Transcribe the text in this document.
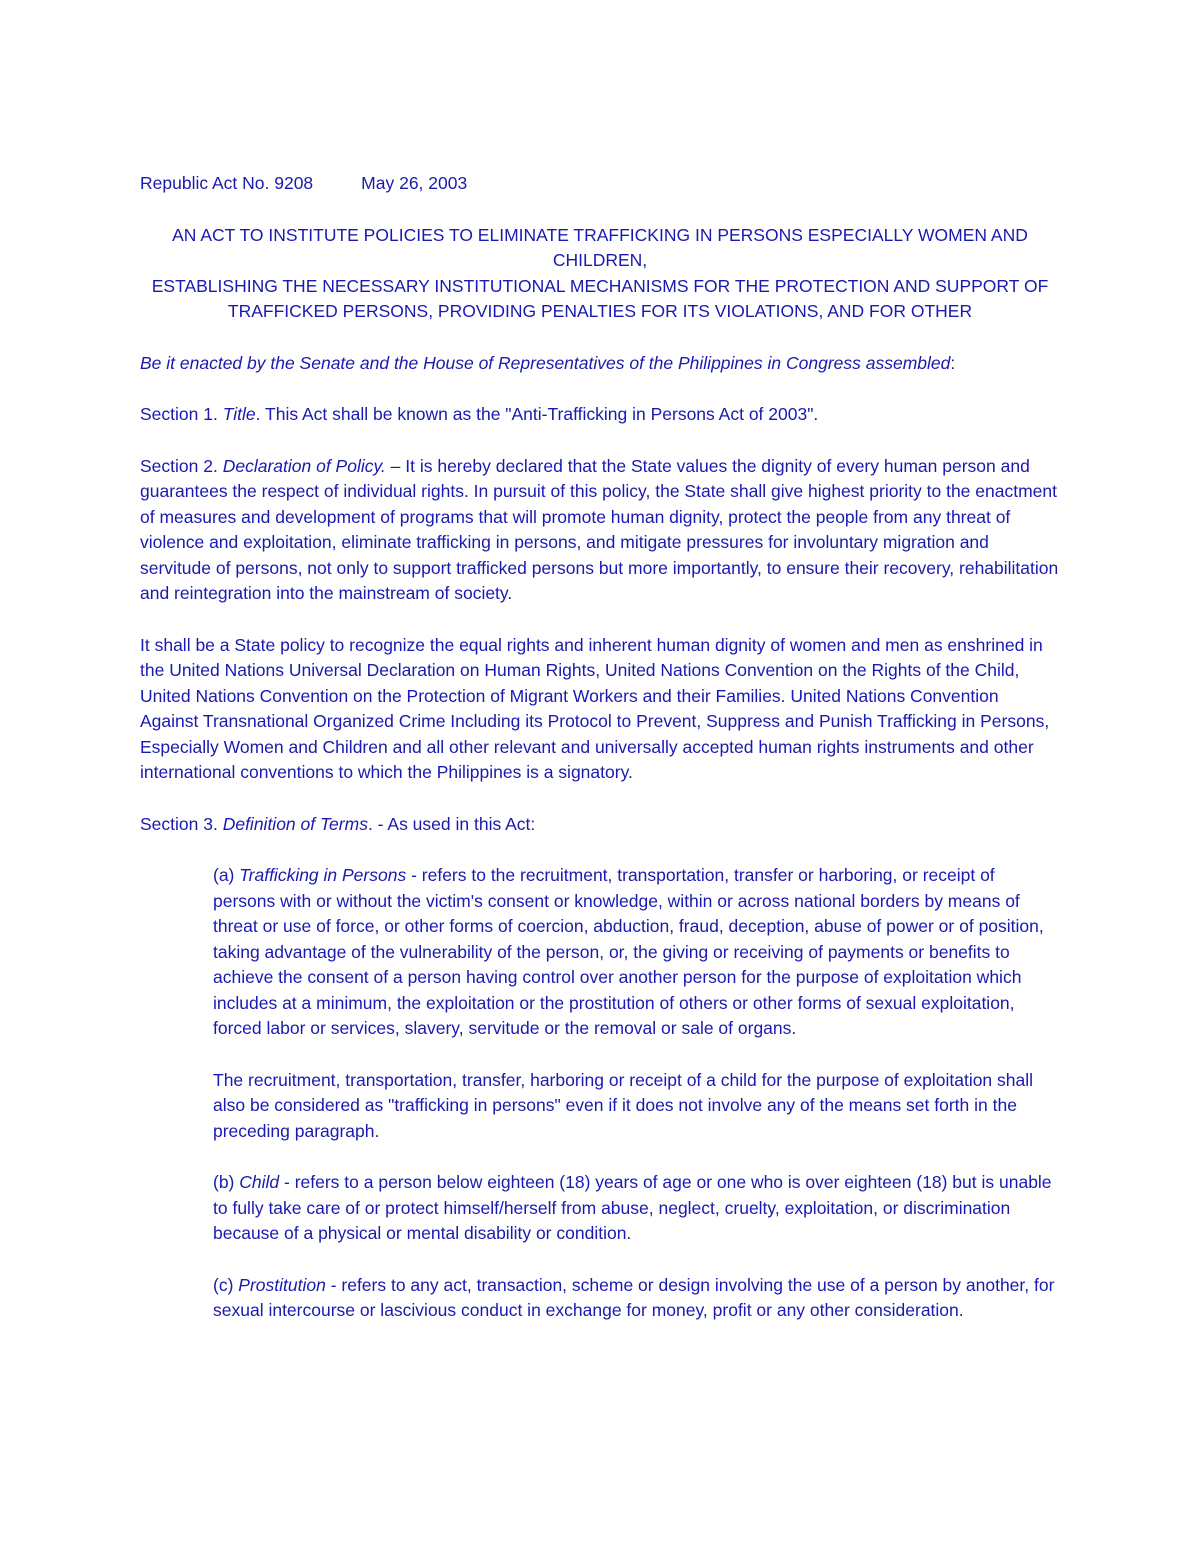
Republic Act No. 9208	May 26, 2003
AN ACT TO INSTITUTE POLICIES TO ELIMINATE TRAFFICKING IN PERSONS ESPECIALLY WOMEN AND CHILDREN,
ESTABLISHING THE NECESSARY INSTITUTIONAL MECHANISMS FOR THE PROTECTION AND SUPPORT OF
TRAFFICKED PERSONS, PROVIDING PENALTIES FOR ITS VIOLATIONS, AND FOR OTHER

Be it enacted by the Senate and the House of Representatives of the Philippines in Congress assembled:

Section 1. Title. This Act shall be known as the "Anti-Trafficking in Persons Act of 2003".

Section 2. Declaration of Policy. – It is hereby declared that the State values the dignity of every human person and guarantees the respect of individual rights. In pursuit of this policy, the State shall give highest priority to the enactment of measures and development of programs that will promote human dignity, protect the people from any threat of violence and exploitation, eliminate trafficking in persons, and mitigate pressures for involuntary migration and servitude of persons, not only to support trafficked persons but more importantly, to ensure their recovery, rehabilitation and reintegration into the mainstream of society.

It shall be a State policy to recognize the equal rights and inherent human dignity of women and men as enshrined in the United Nations Universal Declaration on Human Rights, United Nations Convention on the Rights of the Child, United Nations Convention on the Protection of Migrant Workers and their Families. United Nations Convention Against Transnational Organized Crime Including its Protocol to Prevent, Suppress and Punish Trafficking in Persons, Especially Women and Children and all other relevant and universally accepted human rights instruments and other international conventions to which the Philippines is a signatory.

Section 3. Definition of Terms. - As used in this Act:

(a) Trafficking in Persons - refers to the recruitment, transportation, transfer or harboring, or receipt of persons with or without the victim's consent or knowledge, within or across national borders by means of threat or use of force, or other forms of coercion, abduction, fraud, deception, abuse of power or of position, taking advantage of the vulnerability of the person, or, the giving or receiving of payments or benefits to achieve the consent of a person having control over another person for the purpose of exploitation which includes at a minimum, the exploitation or the prostitution of others or other forms of sexual exploitation, forced labor or services, slavery, servitude or the removal or sale of organs.

The recruitment, transportation, transfer, harboring or receipt of a child for the purpose of exploitation shall also be considered as "trafficking in persons" even if it does not involve any of the means set forth in the preceding paragraph.

(b) Child - refers to a person below eighteen (18) years of age or one who is over eighteen (18) but is unable to fully take care of or protect himself/herself from abuse, neglect, cruelty, exploitation, or discrimination because of a physical or mental disability or condition.

(c) Prostitution - refers to any act, transaction, scheme or design involving the use of a person by another, for sexual intercourse or lascivious conduct in exchange for money, profit or any other consideration.
